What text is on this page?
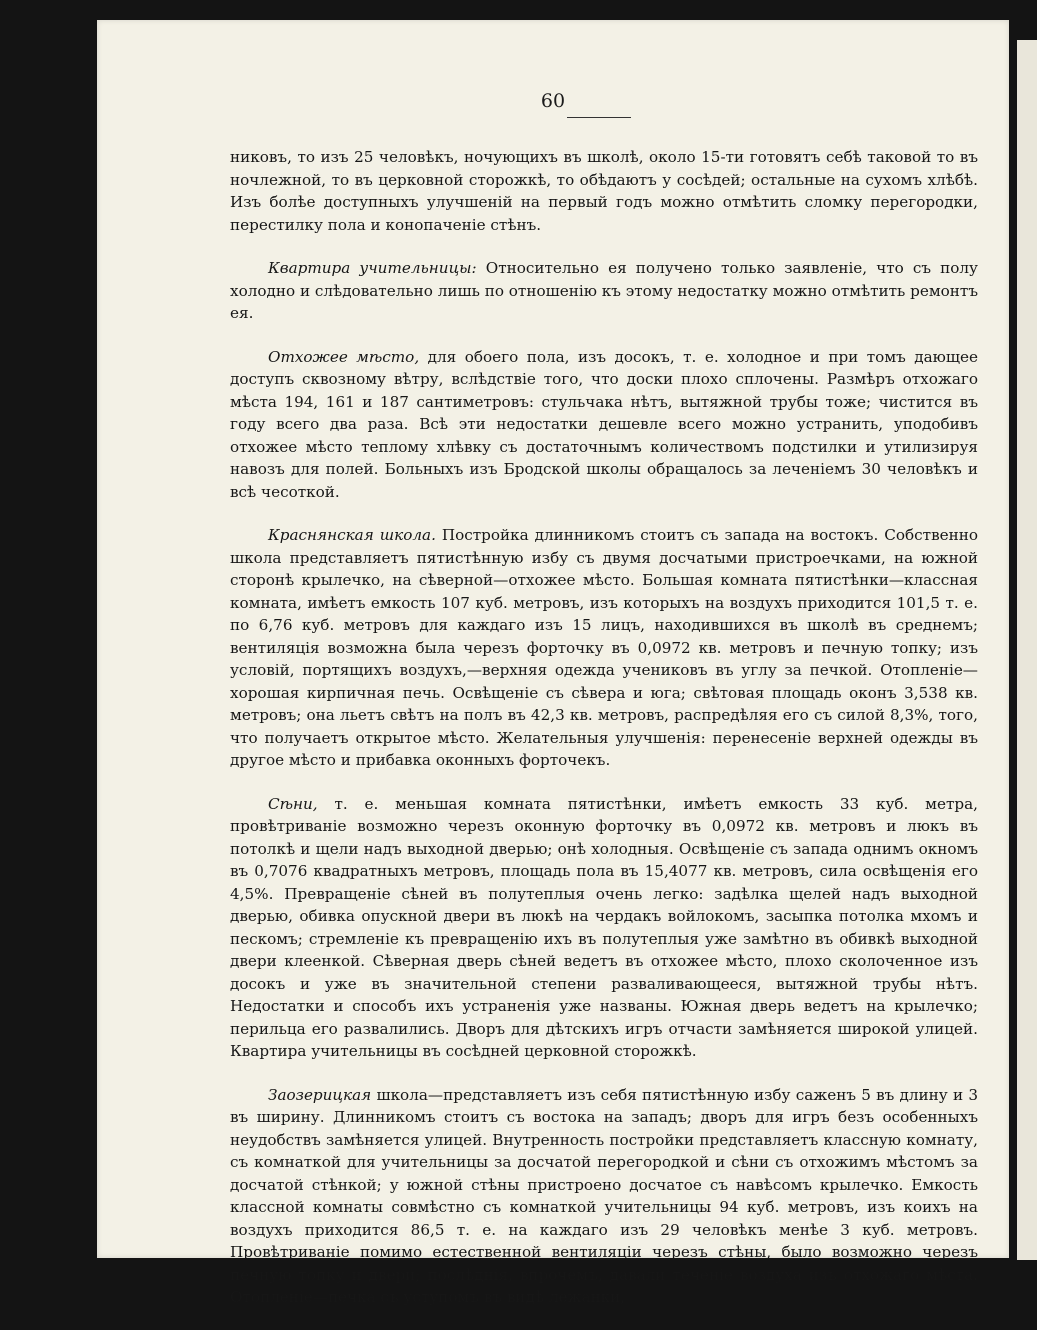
60

никовъ, то изъ 25 человѣкъ, ночующихъ въ школѣ, около 15-ти готовятъ себѣ таковой то въ ночлежной, то въ церковной сторожкѣ, то обѣдаютъ у сосѣдей; остальные на сухомъ хлѣбѣ. Изъ болѣе доступныхъ улучшеній на первый годъ можно отмѣтить сломку перегородки, перестилку пола и конопаченіе стѣнъ.

Квартира учительницы: Относительно ея получено только заявленіе, что съ полу холодно и слѣдовательно лишь по отношенію къ этому недостатку можно отмѣтить ремонтъ ея.

Отхожее мѣсто, для обоего пола, изъ досокъ, т. е. холодное и при томъ дающее доступъ сквозному вѣтру, вслѣдствіе того, что доски плохо сплочены. Размѣръ отхожаго мѣста 194, 161 и 187 сантиметровъ: стульчака нѣтъ, вытяжной трубы тоже; чистится въ году всего два раза. Всѣ эти недостатки дешевле всего можно устранить, уподобивъ отхожее мѣсто теплому хлѣвку съ достаточнымъ количествомъ подстилки и утилизируя навозъ для полей. Больныхъ изъ Бродской школы обращалось за леченіемъ 30 человѣкъ и всѣ чесоткой.

Краснянская школа. Постройка длинникомъ стоитъ съ запада на востокъ. Собственно школа представляетъ пятистѣнную избу съ двумя досчатыми пристроечками, на южной сторонѣ крылечко, на сѣверной—отхожее мѣсто. Большая комната пятистѣнки—классная комната, имѣетъ емкость 107 куб. метровъ, изъ которыхъ на воздухъ приходится 101,5 т. е. по 6,76 куб. метровъ для каждаго изъ 15 лицъ, находившихся въ школѣ въ среднемъ; вентиляція возможна была черезъ форточку въ 0,0972 кв. метровъ и печную топку; изъ условій, портящихъ воздухъ,—верхняя одежда учениковъ въ углу за печкой. Отопленіе—хорошая кирпичная печь. Освѣщеніе съ сѣвера и юга; свѣтовая площадь оконъ 3,538 кв. метровъ; она льетъ свѣтъ на полъ въ 42,3 кв. метровъ, распредѣляя его съ силой 8,3%, того, что получаетъ открытое мѣсто. Желательныя улучшенія: перенесеніе верхней одежды въ другое мѣсто и прибавка оконныхъ форточекъ.

Сѣни, т. е. меньшая комната пятистѣнки, имѣетъ емкость 33 куб. метра, провѣтриваніе возможно черезъ оконную форточку въ 0,0972 кв. метровъ и люкъ въ потолкѣ и щели надъ выходной дверью; онѣ холодныя. Освѣщеніе съ запада однимъ окномъ въ 0,7076 квадратныхъ метровъ, площадь пола въ 15,4077 кв. метровъ, сила освѣщенія его 4,5%. Превращеніе сѣней въ полутеплыя очень легко: задѣлка щелей надъ выходной дверью, обивка опускной двери въ люкѣ на чердакъ войлокомъ, засыпка потолка мхомъ и пескомъ; стремленіе къ превращенію ихъ въ полутеплыя уже замѣтно въ обивкѣ выходной двери клеенкой. Сѣверная дверь сѣней ведетъ въ отхожее мѣсто, плохо сколоченное изъ досокъ и уже въ значительной степени разваливающееся, вытяжной трубы нѣтъ. Недостатки и способъ ихъ устраненія уже названы. Южная дверь ведетъ на крылечко; перильца его развалились. Дворъ для дѣтскихъ игръ отчасти замѣняется широкой улицей. Квартира учительницы въ сосѣдней церковной сторожкѣ.

Заозерицкая школа—представляетъ изъ себя пятистѣнную избу саженъ 5 въ длину и 3 въ ширину. Длинникомъ стоитъ съ востока на западъ; дворъ для игръ безъ особенныхъ неудобствъ замѣняется улицей. Внутренность постройки представляетъ классную комнату, съ комнаткой для учительницы за досчатой перегородкой и сѣни съ отхожимъ мѣстомъ за досчатой стѣнкой; у южной стѣны пристроено досчатое съ навѣсомъ крылечко. Емкость классной комнаты совмѣстно съ комнаткой учительницы 94 куб. метровъ, изъ коихъ на воздухъ приходится 86,5 т. е. на каждаго изъ 29 человѣкъ менѣе 3 куб. метровъ. Провѣтриваніе помимо естественной вентиляціи черезъ стѣны, было возможно черезъ печную топку и двери; послѣднія, впрочемъ, давали теченіе воздуха изъ отхожаго мѣста. Отопленіе—печка съ уступомъ въ видѣ лежанки,
